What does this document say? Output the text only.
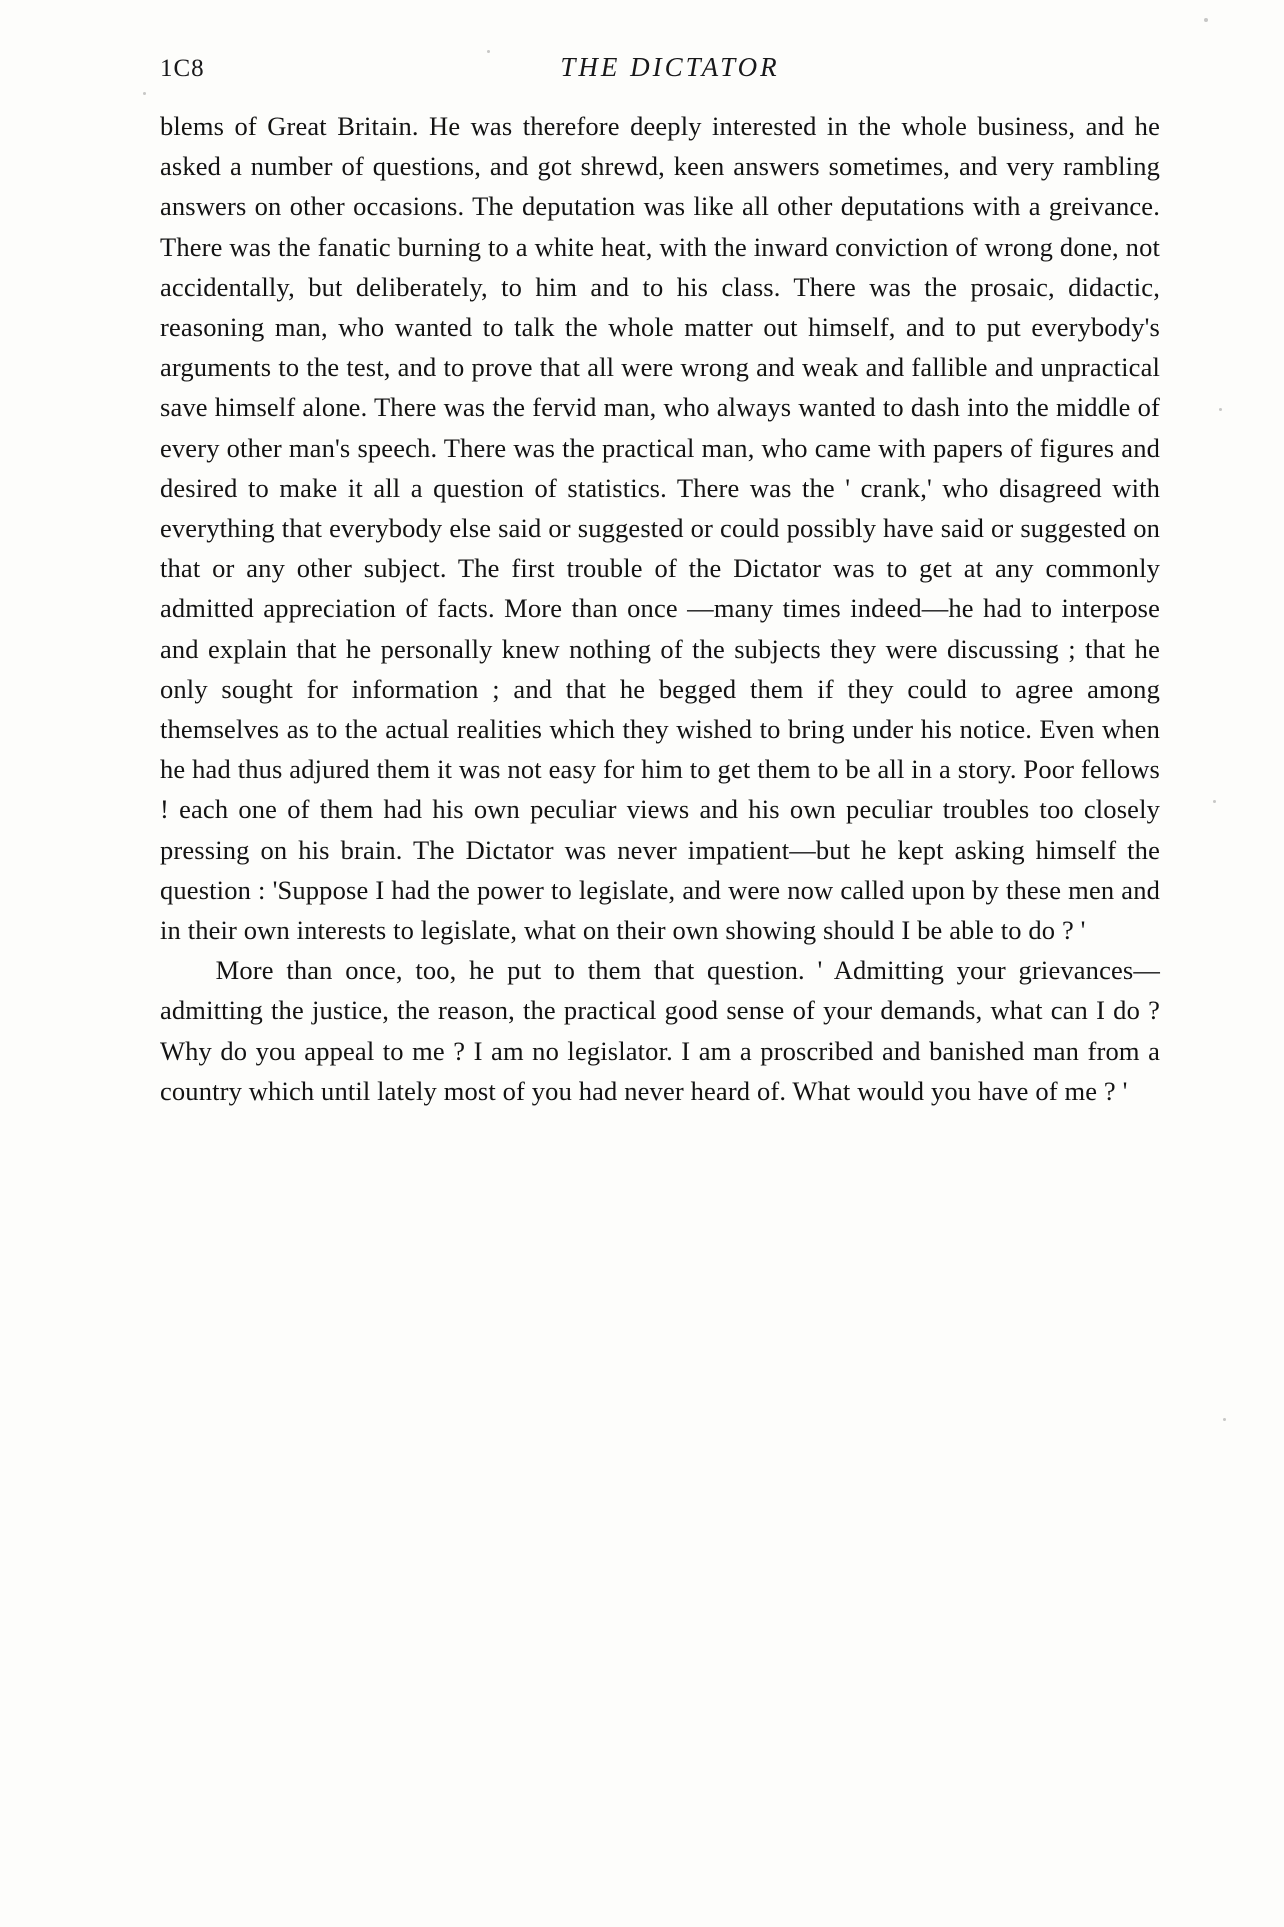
1C8	THE DICTATOR

blems of Great Britain. He was therefore deeply interested in the whole business, and he asked a number of questions, and got shrewd, keen answers sometimes, and very rambling answers on other occasions. The deputation was like all other deputations with a greivance. There was the fanatic burning to a white heat, with the inward conviction of wrong done, not accidentally, but deliberately, to him and to his class. There was the prosaic, didactic, reasoning man, who wanted to talk the whole matter out himself, and to put everybody's arguments to the test, and to prove that all were wrong and weak and fallible and unpractical save himself alone. There was the fervid man, who always wanted to dash into the middle of every other man's speech. There was the practical man, who came with papers of figures and desired to make it all a question of statistics. There was the ' crank,' who disagreed with everything that everybody else said or suggested or could possibly have said or suggested on that or any other subject. The first trouble of the Dictator was to get at any commonly admitted appreciation of facts. More than once —many times indeed—he had to interpose and explain that he personally knew nothing of the subjects they were discussing ; that he only sought for information ; and that he begged them if they could to agree among themselves as to the actual realities which they wished to bring under his notice. Even when he had thus adjured them it was not easy for him to get them to be all in a story. Poor fellows ! each one of them had his own peculiar views and his own peculiar troubles too closely pressing on his brain. The Dictator was never impatient—but he kept asking himself the question : 'Suppose I had the power to legislate, and were now called upon by these men and in their own interests to legislate, what on their own showing should I be able to do ? '

More than once, too, he put to them that question. ' Admitting your grievances—admitting the justice, the reason, the practical good sense of your demands, what can I do ? Why do you appeal to me ? I am no legislator. I am a proscribed and banished man from a country which until lately most of you had never heard of. What would you have of me ? '
